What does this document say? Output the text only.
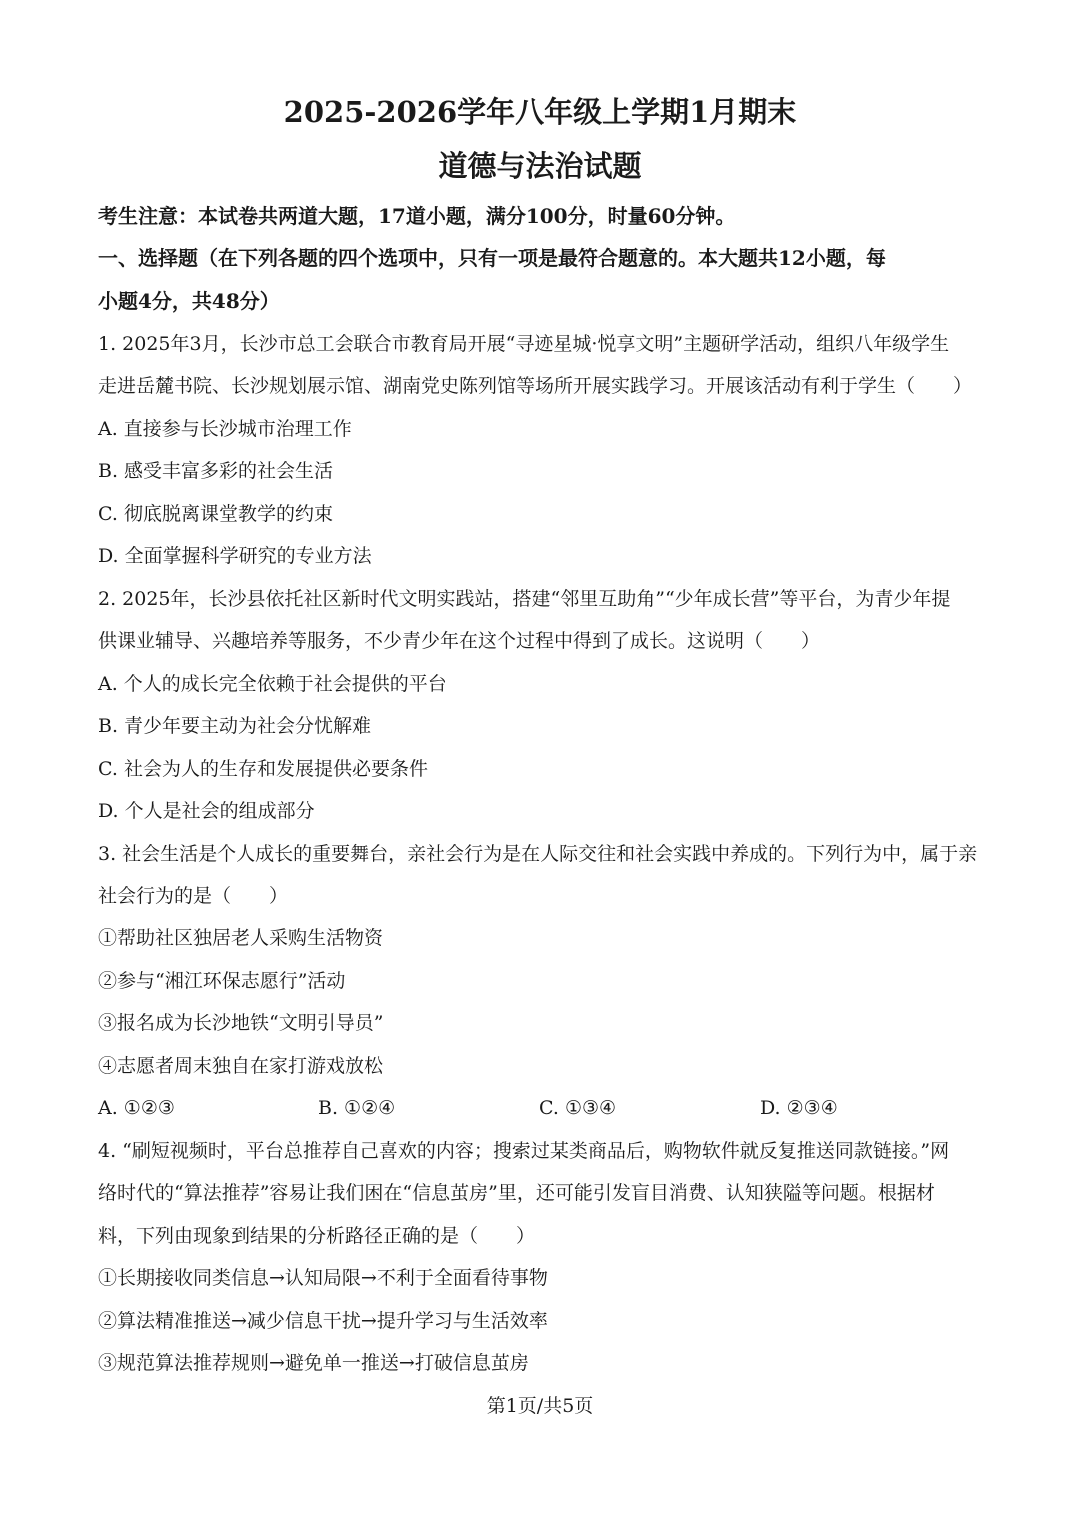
2025-2026学年八年级上学期1月期末
道德与法治试题
考生注意：本试卷共两道大题，17道小题，满分100分，时量60分钟。
一、选择题（在下列各题的四个选项中，只有一项是最符合题意的。本大题共12小题，每
小题4分，共48分）
1. 2025年3月，长沙市总工会联合市教育局开展“寻迹星城·悦享文明”主题研学活动，组织八年级学生
走进岳麓书院、长沙规划展示馆、湖南党史陈列馆等场所开展实践学习。开展该活动有利于学生（　　）
A. 直接参与长沙城市治理工作
B. 感受丰富多彩的社会生活
C. 彻底脱离课堂教学的约束
D. 全面掌握科学研究的专业方法
2. 2025年，长沙县依托社区新时代文明实践站，搭建“邻里互助角”“少年成长营”等平台，为青少年提
供课业辅导、兴趣培养等服务，不少青少年在这个过程中得到了成长。这说明（　　）
A. 个人的成长完全依赖于社会提供的平台
B. 青少年要主动为社会分忧解难
C. 社会为人的生存和发展提供必要条件
D. 个人是社会的组成部分
3. 社会生活是个人成长的重要舞台，亲社会行为是在人际交往和社会实践中养成的。下列行为中，属于亲
社会行为的是（　　）
①帮助社区独居老人采购生活物资
②参与“湘江环保志愿行”活动
③报名成为长沙地铁“文明引导员”
④志愿者周末独自在家打游戏放松
A. ①②③	B. ①②④	C. ①③④	D. ②③④
4. “刷短视频时，平台总推荐自己喜欢的内容；搜索过某类商品后，购物软件就反复推送同款链接。”网
络时代的“算法推荐”容易让我们困在“信息茧房”里，还可能引发盲目消费、认知狭隘等问题。根据材
料，下列由现象到结果的分析路径正确的是（　　）
①长期接收同类信息→认知局限→不利于全面看待事物
②算法精准推送→减少信息干扰→提升学习与生活效率
③规范算法推荐规则→避免单一推送→打破信息茧房
第1页/共5页
